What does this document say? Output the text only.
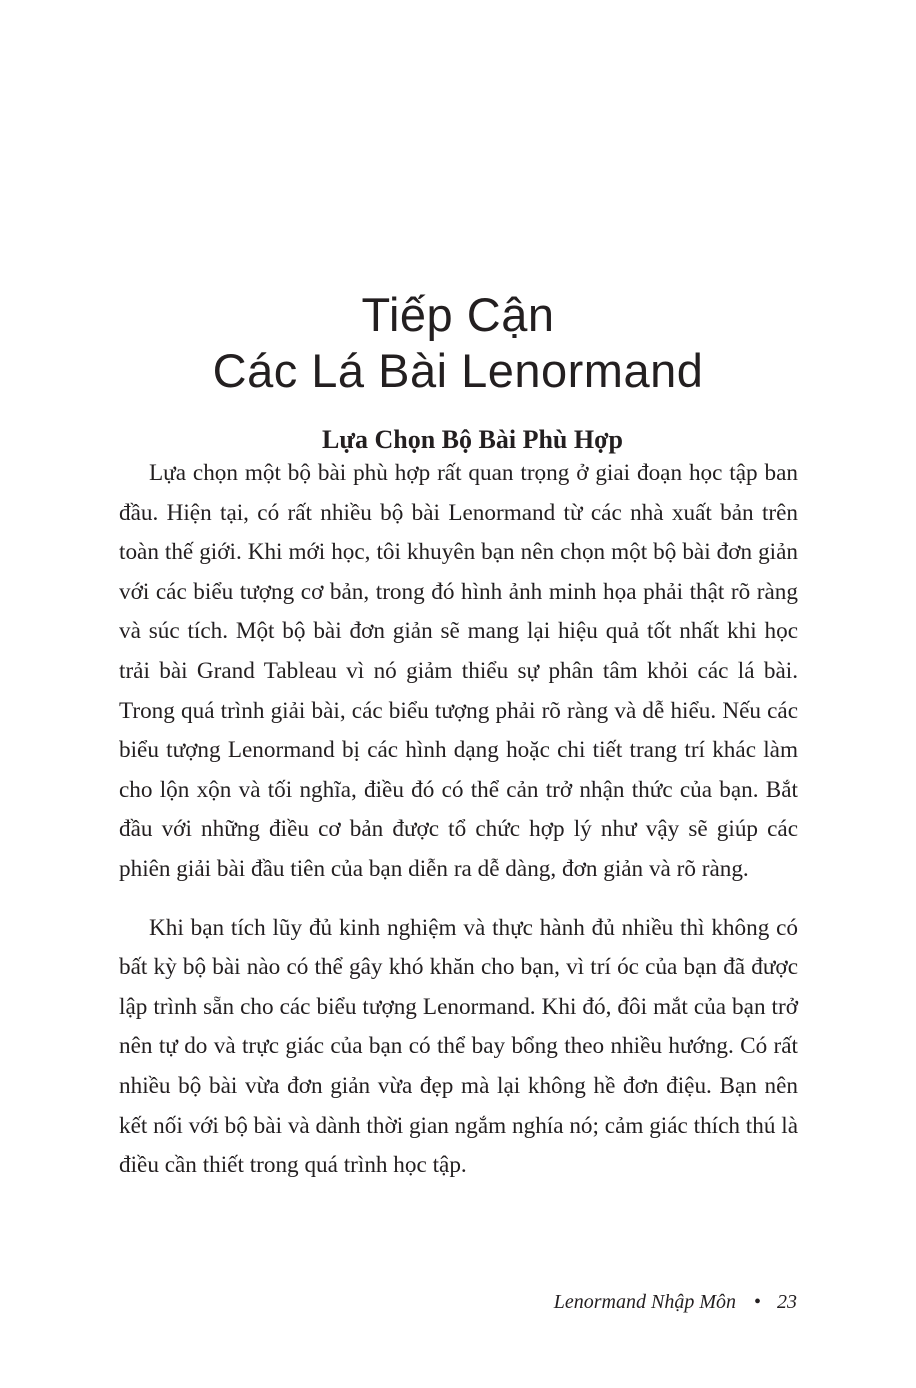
Tiếp Cận
Các Lá Bài Lenormand
Lựa Chọn Bộ Bài Phù Hợp

Lựa chọn một bộ bài phù hợp rất quan trọng ở giai đoạn học tập ban đầu. Hiện tại, có rất nhiều bộ bài Lenormand từ các nhà xuất bản trên toàn thế giới. Khi mới học, tôi khuyên bạn nên chọn một bộ bài đơn giản với các biểu tượng cơ bản, trong đó hình ảnh minh họa phải thật rõ ràng và súc tích. Một bộ bài đơn giản sẽ mang lại hiệu quả tốt nhất khi học trải bài Grand Tableau vì nó giảm thiểu sự phân tâm khỏi các lá bài. Trong quá trình giải bài, các biểu tượng phải rõ ràng và dễ hiểu. Nếu các biểu tượng Lenormand bị các hình dạng hoặc chi tiết trang trí khác làm cho lộn xộn và tối nghĩa, điều đó có thể cản trở nhận thức của bạn. Bắt đầu với những điều cơ bản được tổ chức hợp lý như vậy sẽ giúp các phiên giải bài đầu tiên của bạn diễn ra dễ dàng, đơn giản và rõ ràng.

Khi bạn tích lũy đủ kinh nghiệm và thực hành đủ nhiều thì không có bất kỳ bộ bài nào có thể gây khó khăn cho bạn, vì trí óc của bạn đã được lập trình sẵn cho các biểu tượng Lenormand. Khi đó, đôi mắt của bạn trở nên tự do và trực giác của bạn có thể bay bổng theo nhiều hướng. Có rất nhiều bộ bài vừa đơn giản vừa đẹp mà lại không hề đơn điệu. Bạn nên kết nối với bộ bài và dành thời gian ngắm nghía nó; cảm giác thích thú là điều cần thiết trong quá trình học tập.

Lenormand Nhập Môn • 23
